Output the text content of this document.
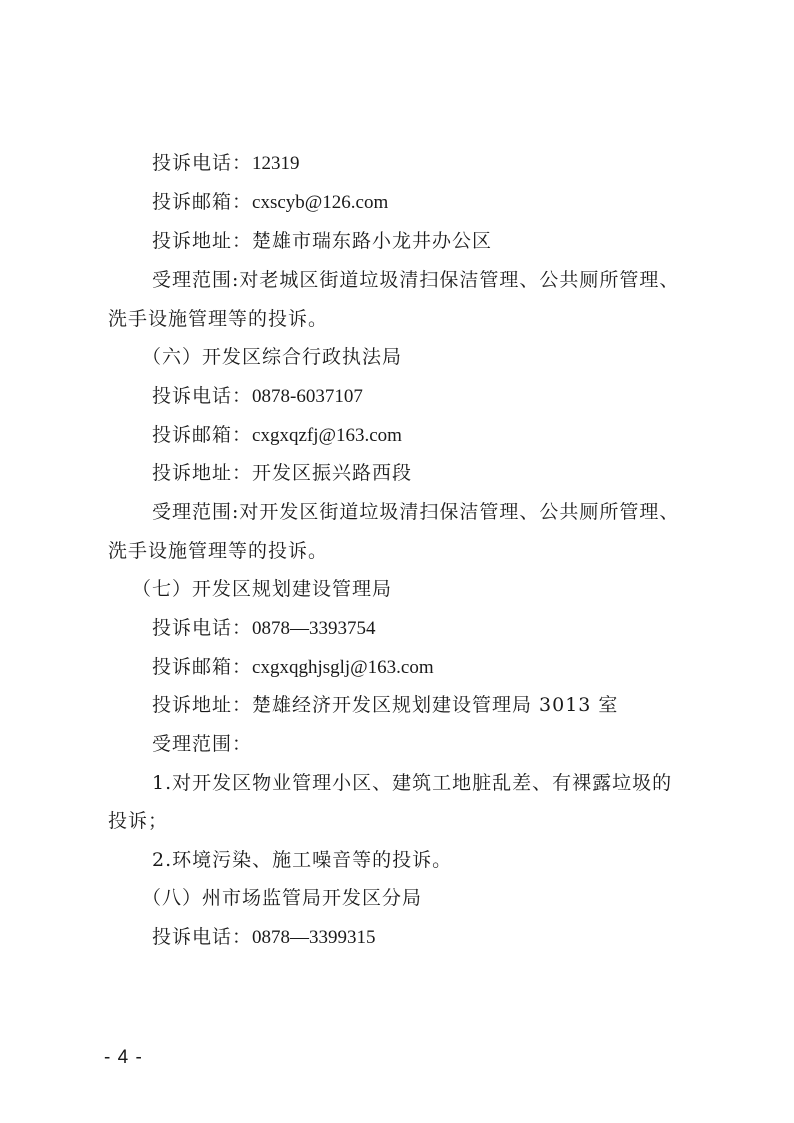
投诉电话：12319
投诉邮箱：cxscyb@126.com
投诉地址：楚雄市瑞东路小龙井办公区
受理范围:对老城区街道垃圾清扫保洁管理、公共厕所管理、
洗手设施管理等的投诉。
（六）开发区综合行政执法局
投诉电话：0878-6037107
投诉邮箱：cxgxqzfj@163.com
投诉地址：开发区振兴路西段
受理范围:对开发区街道垃圾清扫保洁管理、公共厕所管理、
洗手设施管理等的投诉。
（七）开发区规划建设管理局
投诉电话：0878—3393754
投诉邮箱：cxgxqghjsglj@163.com
投诉地址：楚雄经济开发区规划建设管理局 3013 室
受理范围：
1.对开发区物业管理小区、建筑工地脏乱差、有裸露垃圾的
投诉；
2.环境污染、施工噪音等的投诉。
（八）州市场监管局开发区分局
投诉电话：0878—3399315
- 4 -
